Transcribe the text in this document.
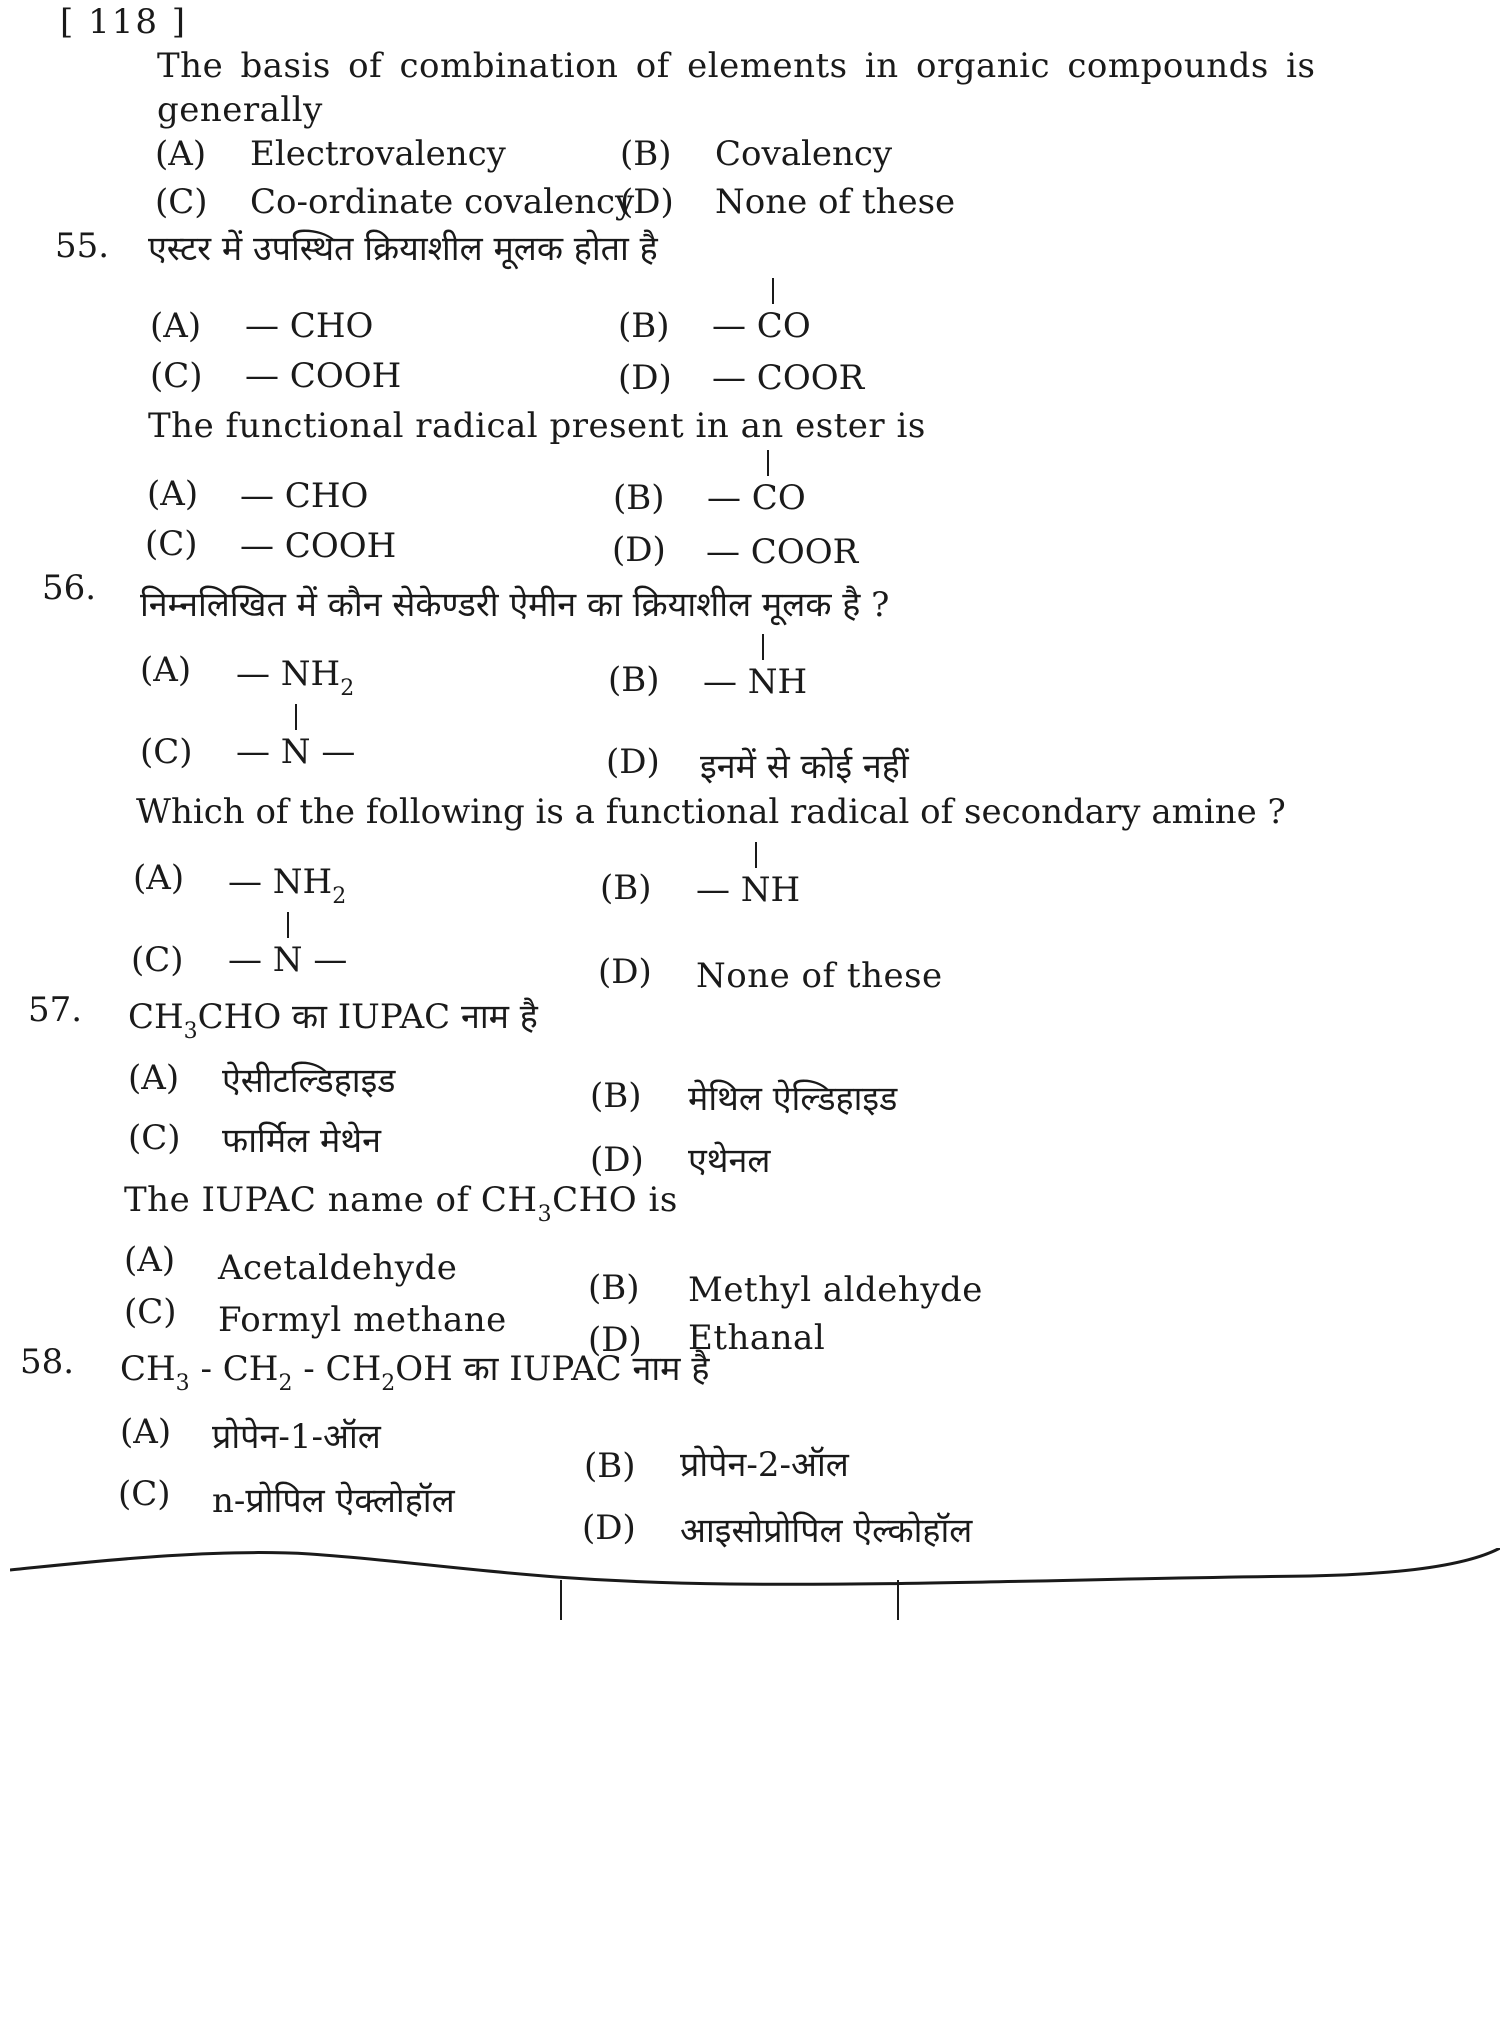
[ 118 ]
The basis of combination of elements in organic compounds is
generally
(A) Electrovalency	(B) Covalency
(C) Co-ordinate covalency
(D) None of these
55. एस्टर में उपस्थित क्रियाशील मूलक होता है
(A) — CHO	(B) — CO
(C) — COOH	(D) — COOR
The functional radical present in an ester is
(A) — CHO	(B) — CO
(C) — COOH	(D) — COOR
56. निम्नलिखित में कौन सेकेण्डरी ऐमीन का क्रियाशील मूलक है ?
(A) — $NH_2$	(B) — NH
(C) — N —	(D) इनमें से कोई नहीं
Which of the following is a functional radical of secondary amine ?
(A) — $NH_2$	(B) — NH
(C) — N —	(D) None of these
57. $CH_3CHO$ का IUPAC नाम है
(A) ऐसीटल्डिहाइड	(B) मेथिल ऐल्डिहाइड
(C) फार्मिल मेथेन	(D) एथेनल
The IUPAC name of $CH_3CHO$ is
(A) Acetaldehyde	(B) Methyl aldehyde
(C) Formyl methane (D) Ethanal
58. $CH_3 - CH_2 - CH_2OH$ का IUPAC नाम है
(A) प्रोपेन-1-ऑल
(B) प्रोपेन-2-ऑल
(C) n-प्रोपिल ऐक्लोहॉल
(D) आइसोप्रोपिल ऐल्कोहॉल
